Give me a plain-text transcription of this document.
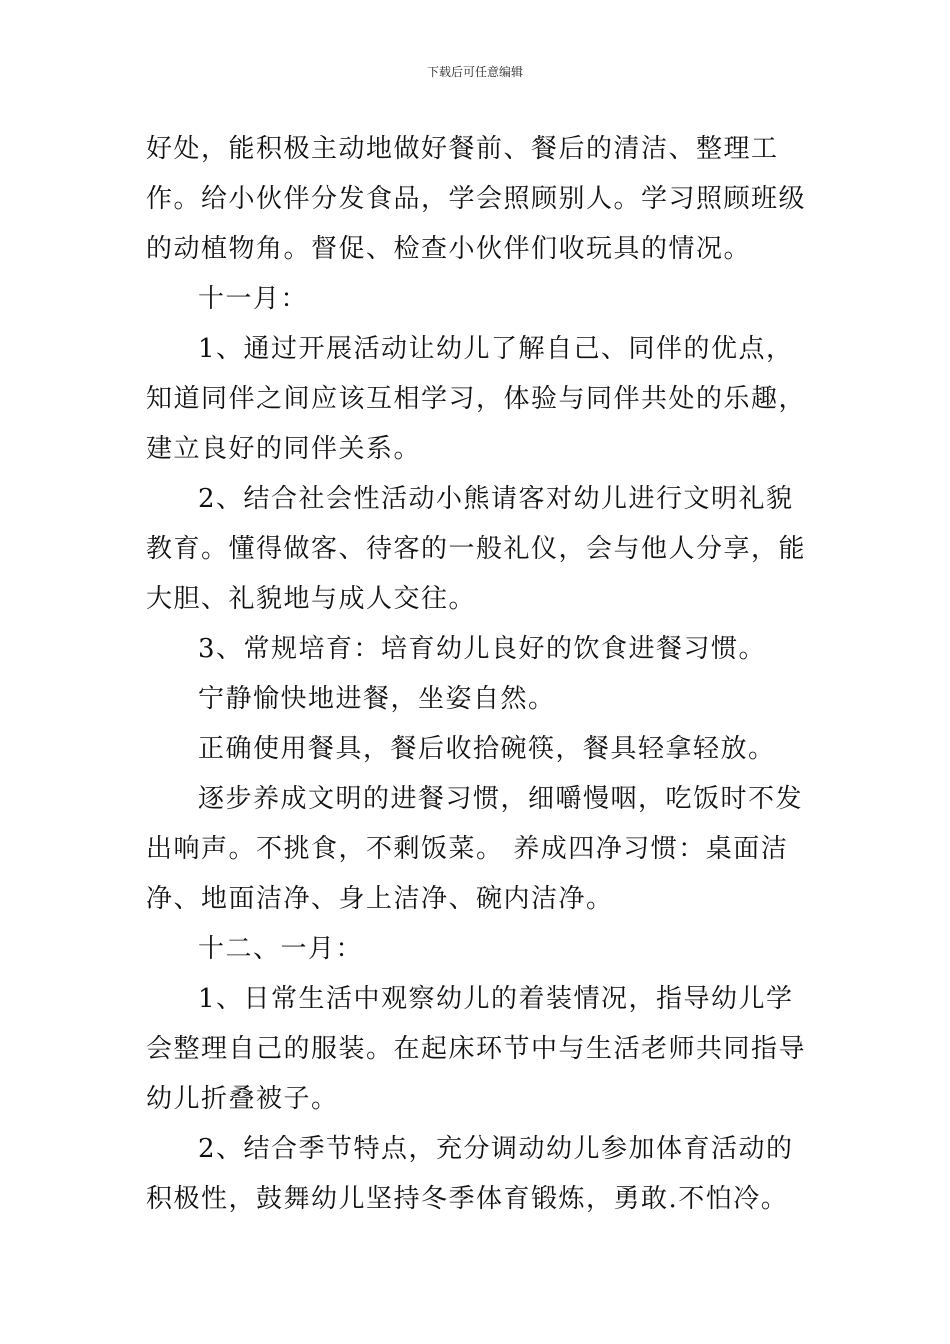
下载后可任意编辑

好处，能积极主动地做好餐前、餐后的清洁、整理工作。给小伙伴分发食品，学会照顾别人。学习照顾班级的动植物角。督促、检查小伙伴们收玩具的情况。

十一月：

1、通过开展活动让幼儿了解自己、同伴的优点，知道同伴之间应该互相学习，体验与同伴共处的乐趣，建立良好的同伴关系。

2、结合社会性活动小熊请客对幼儿进行文明礼貌教育。懂得做客、待客的一般礼仪，会与他人分享，能大胆、礼貌地与成人交往。

3、常规培育：培育幼儿良好的饮食进餐习惯。

宁静愉快地进餐，坐姿自然。

正确使用餐具，餐后收拾碗筷，餐具轻拿轻放。

逐步养成文明的进餐习惯，细嚼慢咽，吃饭时不发出响声。不挑食，不剩饭菜。 养成四净习惯：桌面洁净、地面洁净、身上洁净、碗内洁净。

十二、一月：

1、日常生活中观察幼儿的着装情况，指导幼儿学会整理自己的服装。在起床环节中与生活老师共同指导幼儿折叠被子。

2、结合季节特点，充分调动幼儿参加体育活动的积极性，鼓舞幼儿坚持冬季体育锻炼，勇敢.不怕冷。
